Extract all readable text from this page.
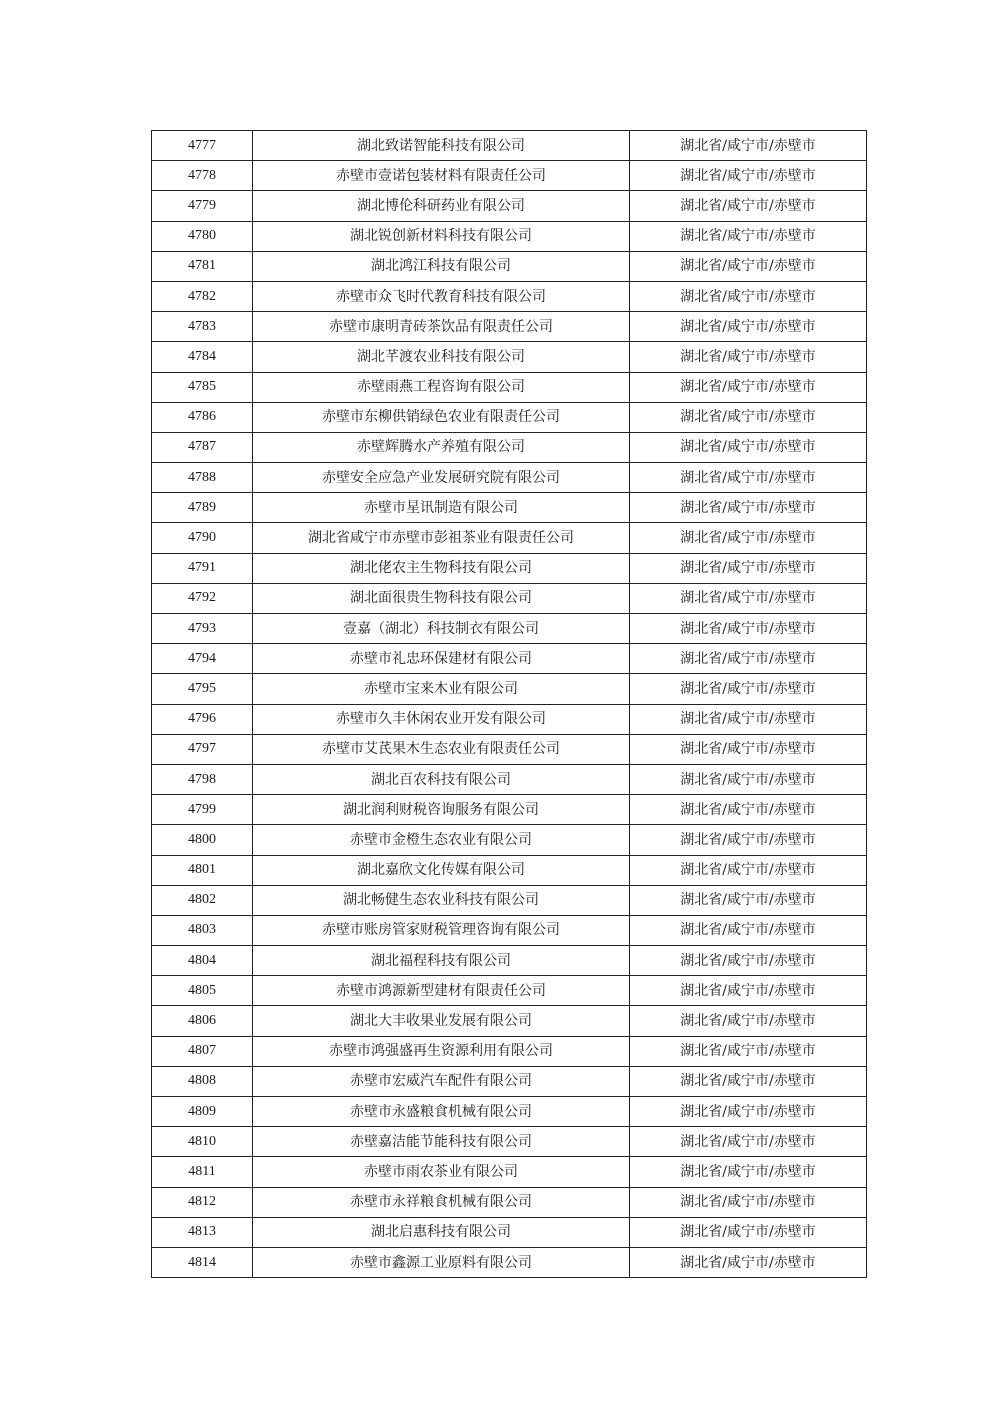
4777	湖北致诺智能科技有限公司	湖北省/咸宁市/赤壁市
4778	赤壁市壹诺包装材料有限责任公司	湖北省/咸宁市/赤壁市
4779	湖北博伦科研药业有限公司	湖北省/咸宁市/赤壁市
4780	湖北锐创新材料科技有限公司	湖北省/咸宁市/赤壁市
4781	湖北鸿江科技有限公司	湖北省/咸宁市/赤壁市
4782	赤壁市众飞时代教育科技有限公司	湖北省/咸宁市/赤壁市
4783	赤壁市康明青砖茶饮品有限责任公司	湖北省/咸宁市/赤壁市
4784	湖北芊渡农业科技有限公司	湖北省/咸宁市/赤壁市
4785	赤壁雨燕工程咨询有限公司	湖北省/咸宁市/赤壁市
4786	赤壁市东柳供销绿色农业有限责任公司	湖北省/咸宁市/赤壁市
4787	赤壁辉腾水产养殖有限公司	湖北省/咸宁市/赤壁市
4788	赤壁安全应急产业发展研究院有限公司	湖北省/咸宁市/赤壁市
4789	赤壁市星讯制造有限公司	湖北省/咸宁市/赤壁市
4790	湖北省咸宁市赤壁市彭祖茶业有限责任公司	湖北省/咸宁市/赤壁市
4791	湖北佬农主生物科技有限公司	湖北省/咸宁市/赤壁市
4792	湖北面很贵生物科技有限公司	湖北省/咸宁市/赤壁市
4793	壹嘉（湖北）科技制衣有限公司	湖北省/咸宁市/赤壁市
4794	赤壁市礼忠环保建材有限公司	湖北省/咸宁市/赤壁市
4795	赤壁市宝来木业有限公司	湖北省/咸宁市/赤壁市
4796	赤壁市久丰休闲农业开发有限公司	湖北省/咸宁市/赤壁市
4797	赤壁市艾芪果木生态农业有限责任公司	湖北省/咸宁市/赤壁市
4798	湖北百农科技有限公司	湖北省/咸宁市/赤壁市
4799	湖北润利财税咨询服务有限公司	湖北省/咸宁市/赤壁市
4800	赤壁市金橙生态农业有限公司	湖北省/咸宁市/赤壁市
4801	湖北嘉欣文化传媒有限公司	湖北省/咸宁市/赤壁市
4802	湖北畅健生态农业科技有限公司	湖北省/咸宁市/赤壁市
4803	赤壁市账房管家财税管理咨询有限公司	湖北省/咸宁市/赤壁市
4804	湖北福程科技有限公司	湖北省/咸宁市/赤壁市
4805	赤壁市鸿源新型建材有限责任公司	湖北省/咸宁市/赤壁市
4806	湖北大丰收果业发展有限公司	湖北省/咸宁市/赤壁市
4807	赤壁市鸿强盛再生资源利用有限公司	湖北省/咸宁市/赤壁市
4808	赤壁市宏威汽车配件有限公司	湖北省/咸宁市/赤壁市
4809	赤壁市永盛粮食机械有限公司	湖北省/咸宁市/赤壁市
4810	赤壁嘉洁能节能科技有限公司	湖北省/咸宁市/赤壁市
4811	赤壁市雨农茶业有限公司	湖北省/咸宁市/赤壁市
4812	赤壁市永祥粮食机械有限公司	湖北省/咸宁市/赤壁市
4813	湖北启惠科技有限公司	湖北省/咸宁市/赤壁市
4814	赤壁市鑫源工业原料有限公司	湖北省/咸宁市/赤壁市
